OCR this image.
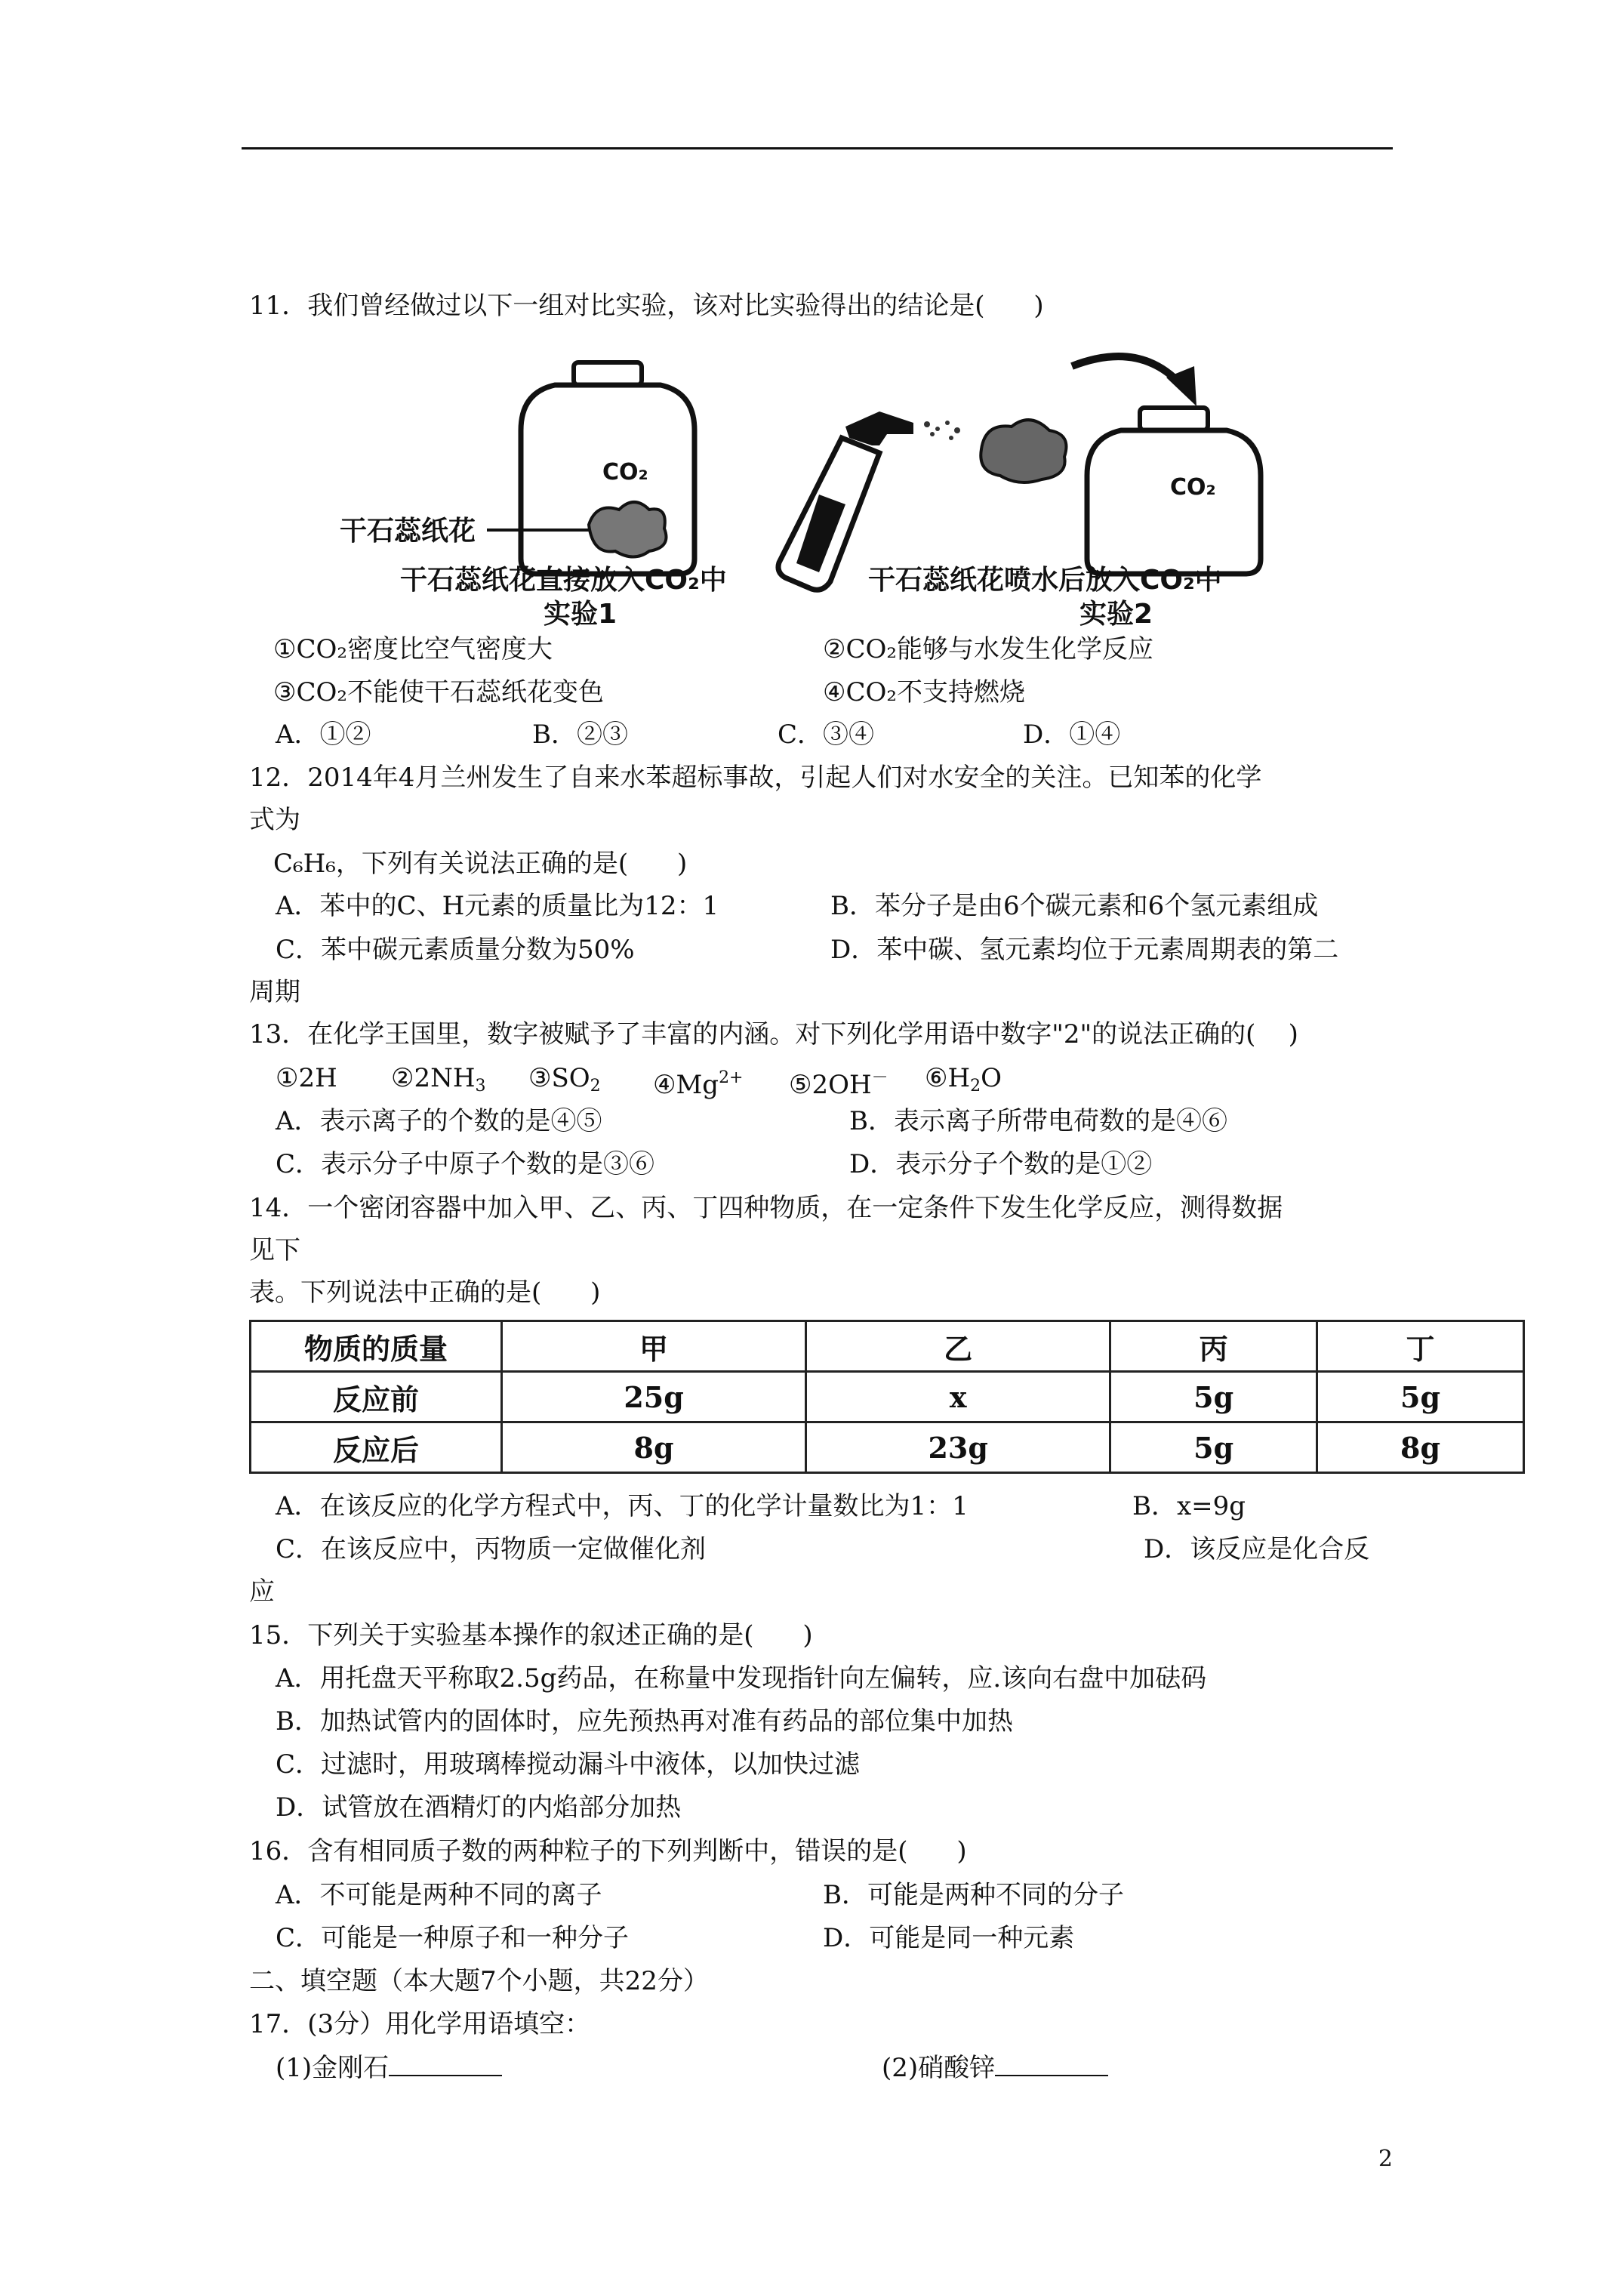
11．我们曾经做过以下一组对比实验，该对比实验得出的结论是(      )
CO₂
干石蕊纸花
干石蕊纸花直接放入CO₂中
实验1
CO₂
干石蕊纸花喷水后放入CO₂中
实验2
①CO₂密度比空气密度大	②CO₂能够与水发生化学反应
③CO₂不能使干石蕊纸花变色	④CO₂不支持燃烧
A．①②	B．②③	C．③④	D．①④
12．2014年4月兰州发生了自来水苯超标事故，引起人们对水安全的关注。已知苯的化学
式为
C₆H₆，下列有关说法正确的是(      )
A．苯中的C、H元素的质量比为12：1	B．苯分子是由6个碳元素和6个氢元素组成
C．苯中碳元素质量分数为50%	D．苯中碳、氢元素均位于元素周期表的第二
周期
13．在化学王国里，数字被赋予了丰富的内涵。对下列化学用语中数字"2"的说法正确的(    )
①2H $②2NH_3$ $③SO_2$ $④Mg^{2+}$ ⑤2OH－ $⑥H_2O$
A．表示离子的个数的是④⑤	B．表示离子所带电荷数的是④⑥
C．表示分子中原子个数的是③⑥	D．表示分子个数的是①②
14．一个密闭容器中加入甲、乙、丙、丁四种物质，在一定条件下发生化学反应，测得数据
见下
表。下列说法中正确的是(      )
物质的质量	甲	乙	丙	丁
反应前	25g	x	5g	5g
反应后	8g	23g	5g	8g
A．在该反应的化学方程式中，丙、丁的化学计量数比为1：1	B．x=9g
C．在该反应中，丙物质一定做催化剂	D．该反应是化合反
应
15．下列关于实验基本操作的叙述正确的是(      )
A．用托盘天平称取2.5g药品，在称量中发现指针向左偏转，应.该向右盘中加砝码
B．加热试管内的固体时，应先预热再对准有药品的部位集中加热
C．过滤时，用玻璃棒搅动漏斗中液体，以加快过滤
D．试管放在酒精灯的内焰部分加热
16．含有相同质子数的两种粒子的下列判断中，错误的是(      )
A．不可能是两种不同的离子	B．可能是两种不同的分子
C．可能是一种原子和一种分子	D．可能是同一种元素
二、填空题（本大题7个小题，共22分）
17．(3分）用化学用语填空：
(1)金刚石	(2)硝酸锌
2
